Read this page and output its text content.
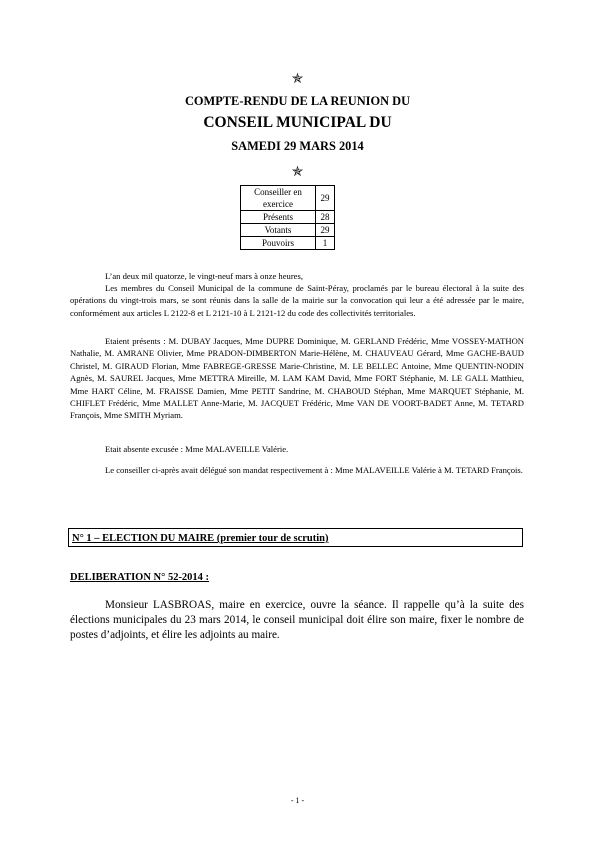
✯
COMPTE-RENDU DE LA REUNION DU
CONSEIL MUNICIPAL DU
SAMEDI 29 MARS 2014
✯
Conseiller en exercice	29
Présents	28
Votants	29
Pouvoirs	1

L’an deux mil quatorze, le vingt-neuf mars à onze heures,

Les membres du Conseil Municipal de la commune de Saint-Péray, proclamés par le bureau électoral à la suite des opérations du vingt-trois mars, se sont réunis dans la salle de la mairie sur la convocation qui leur a été adressée par le maire, conformément aux articles L 2122-8 et L 2121-10 à L 2121-12 du code des collectivités territoriales.

Etaient présents : M. DUBAY Jacques, Mme DUPRE Dominique, M. GERLAND Frédéric, Mme VOSSEY-MATHON Nathalie, M. AMRANE Olivier, Mme PRADON-DIMBERTON Marie-Hélène, M. CHAUVEAU Gérard, Mme GACHE-BAUD Christel, M. GIRAUD Florian, Mme FABREGE-GRESSE Marie-Christine, M. LE BELLEC Antoine, Mme QUENTIN-NODIN Agnès, M. SAUREL Jacques, Mme METTRA Mireille, M. LAM KAM David, Mme FORT Stéphanie, M. LE GALL Matthieu, Mme HART Céline, M. FRAISSE Damien, Mme PETIT Sandrine, M. CHABOUD Stéphan, Mme MARQUET Stéphanie, M. CHIFLET Frédéric, Mme MALLET Anne-Marie, M. JACQUET Frédéric, Mme VAN DE VOORT-BADET Anne, M. TETARD François, Mme SMITH Myriam.

Etait absente excusée : Mme MALAVEILLE Valérie.

Le conseiller ci-après avait délégué son mandat respectivement à : Mme MALAVEILLE Valérie à M. TETARD François.

N° 1 – ELECTION DU MAIRE (premier tour de scrutin)
DELIBERATION N° 52-2014 :

Monsieur LASBROAS, maire en exercice, ouvre la séance. Il rappelle qu’à la suite des élections municipales du 23 mars 2014, le conseil municipal doit élire son maire, fixer le nombre de postes d’adjoints, et élire les adjoints au maire.

- 1 -
